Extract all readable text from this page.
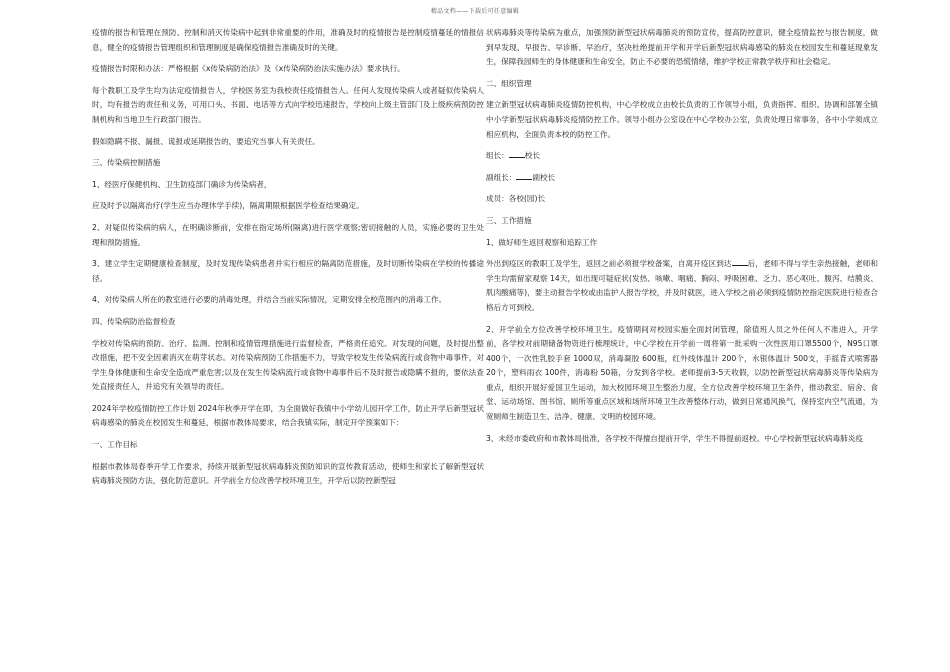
精品文档——下载后可任意编辑

疫情的报告和管理在预防、控制和消灭传染病中起到非常重要的作用，准确及时的疫情报告是控制疫情蔓延的情报信息，健全的疫情报告管理组织和管理制度是确保疫情报告准确及时的关键。

疫情报告时限和办法：严格根据《x传染病防治法》及《x传染病防治法实施办法》要求执行。

每个教职工及学生均为法定疫情报告人，学校医务室为我校责任疫情报告人。任何人发现传染病人或者疑似传染病人时，均有报告的责任和义务，可用口头、书面、电话等方式向学校迅速报告，学校向上级主管部门及上级疾病预防控制机构和当地卫生行政部门报告。

假如隐瞒不报、漏报、谎报或延期报告的，要追究当事人有关责任。

三、传染病控制措施

1、经医疗保健机构、卫生防疫部门确诊为传染病者，

应及时予以隔离治疗(学生应当办理休学手续)，隔离期限根据医学检查结果确定。

2、对疑似传染病的病人，在明确诊断前，安排在指定场所(隔离)进行医学观察;密切接触的人员，实施必要的卫生处理和预防措施。

3、建立学生定期健康检查制度，及时发现传染病患者并实行相应的隔离防范措施，及时切断传染病在学校的传播途径。

4、对传染病人所在的教室进行必要的消毒处理，并结合当前实际情况，定期安排全校范围内的消毒工作。

四、传染病防治监督检查

学校对传染病的预防、治疗、监测、控制和疫情管理措施进行监督检查，严格责任追究。对发现的问题，及时提出整改措施，把不安全因素消灭在萌芽状态。对传染病预防工作措施不力，导致学校发生传染病流行或食物中毒事件，对学生身体健康和生命安全造成严重危害;以及在发生传染病流行或食物中毒事件后不及时报告或隐瞒不报的，要依法查处直接责任人，并追究有关领导的责任。

2024年学校疫情防控工作计划 2024年秋季开学在即，为全面做好我镇中小学幼儿园开学工作，防止开学后新型冠状病毒感染的肺炎在校园发生和蔓延，根据市教体局要求，结合我镇实际，制定开学预案如下：

一、工作目标

根据市教体局春季开学工作要求，持续开展新型冠状病毒肺炎预防知识的宣传教育活动，使师生和家长了解新型冠状病毒肺炎预防方法，强化防范意识。开学前全方位改善学校环境卫生，开学后以防控新型冠

状病毒肺炎等传染病为重点，加强预防新型冠状病毒肺炎的预防宣传，提高防控意识，健全疫情监控与报告制度，做到早发现、早报告、早诊断、早治疗，坚决杜绝提前开学和开学后新型冠状病毒感染的肺炎在校园发生和蔓延现象发生，保障我园师生的身体健康和生命安全，防止不必要的恐慌情绪，维护学校正常教学秩序和社会稳定。

二、组织管理

建立新型冠状病毒肺炎疫情防控机构，中心学校成立由校长负责的工作领导小组，负责指挥、组织、协调和部署全镇中小学新型冠状病毒肺炎疫情防控工作。领导小组办公室设在中心学校办公室，负责处理日常事务，各中小学须成立相应机构，全面负责本校的防控工作。

组长： 校长

副组长： 副校长

成员：各校(园)长

三、工作措施

1、做好师生返回观察和追踪工作

外出到疫区的教职工及学生，返回之前必须报学校备案，自离开疫区到达 后，老师不得与学生亲热接触，老师和学生均需留家观察 14天，如出现可疑症状(发热、咳嗽、咽痛、胸闷、呼吸困难、乏力、恶心呕吐、腹泻、结膜炎、肌肉酸痛等)，要主动报告学校或由监护人报告学校，并及时就医，进入学校之前必须到疫情防控指定医院进行检查合格后方可到校。

2、开学前全方位改善学校环境卫生。疫情期间对校园实施全面封闭管理，除值班人员之外任何人不准进入，开学前，各学校对前期储备物资进行梳理统计，中心学校在开学前一周将第一批采购一次性医用口罩5500个，N95口罩 400个，一次性乳胶手套 1000双，消毒凝胶 600瓶，红外线体温计 200个，水银体温计 500支，手摇背式喷雾器 20个，塑料雨衣 100件，消毒粉 50箱，分发到各学校。老师提前3-5天收假，以防控新型冠状病毒肺炎等传染病为重点，组织开展好爱国卫生运动，加大校园环境卫生整治力度，全方位改善学校环境卫生条件，推动教室、宿舍、食堂、运动场馆、图书馆、厕所等重点区域和场所环境卫生改善整体行动，做到日常通风换气，保持室内空气流通，为宽厕师生制造卫生、洁净、健康、文明的校园环境。

3、未经市委政府和市教体局批准，各学校不得擅自提前开学，学生不得提前返校。中心学校新型冠状病毒肺炎疫
